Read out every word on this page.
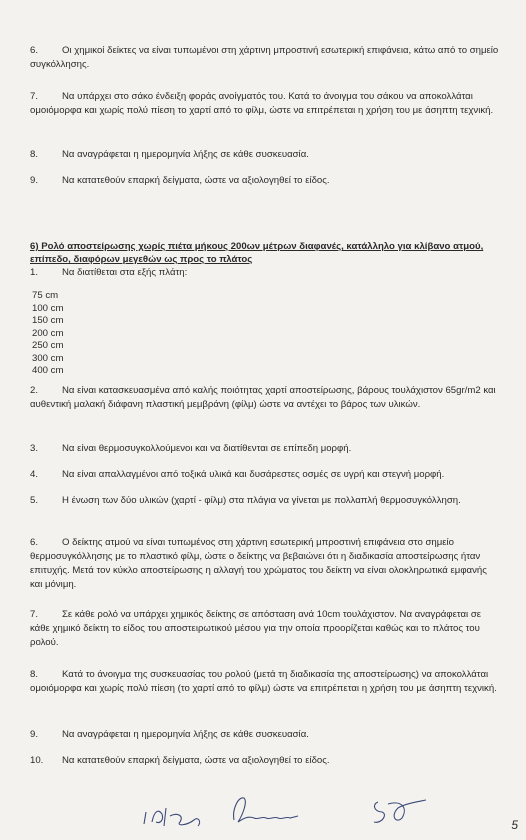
6. Οι χημικοί δείκτες να είναι τυπωμένοι στη χάρτινη μπροστινή εσωτερική επιφάνεια, κάτω από το σημείο συγκόλλησης.
7. Να υπάρχει στο σάκο ένδειξη φοράς ανοίγματός του. Κατά το άνοιγμα του σάκου να αποκολλάται ομοιόμορφα και χωρίς πολύ πίεση το χαρτί από το φίλμ, ώστε να επιτρέπεται η χρήση του με άσηπτη τεχνική.
8. Να αναγράφεται η ημερομηνία λήξης σε κάθε συσκευασία.
9. Να κατατεθούν επαρκή δείγματα, ώστε να αξιολογηθεί το είδος.
6) Ρολό αποστείρωσης χωρίς πιέτα μήκους 200ων μέτρων διαφανές, κατάλληλο για κλίβανο ατμού, επίπεδο, διαφόρων μεγεθών ως προς το πλάτος
1. Να διατίθεται στα εξής πλάτη:
75 cm
100 cm
150 cm
200 cm
250 cm
300 cm
400 cm
2. Να είναι κατασκευασμένα από καλής ποιότητας χαρτί αποστείρωσης, βάρους τουλάχιστον 65gr/m2 και αυθεντική μαλακή διάφανη πλαστική μεμβράνη (φίλμ) ώστε να αντέχει το βάρος των υλικών.
3. Να είναι θερμοσυγκολλούμενοι και να διατίθενται σε επίπεδη μορφή.
4. Να είναι απαλλαγμένοι από τοξικά υλικά και δυσάρεστες οσμές σε υγρή και στεγνή μορφή.
5. Η ένωση των δύο υλικών (χαρτί - φίλμ) στα πλάγια να γίνεται με πολλαπλή θερμοσυγκόλληση.
6. Ο δείκτης ατμού να είναι τυπωμένος στη χάρτινη εσωτερική μπροστινή επιφάνεια στο σημείο θερμοσυγκόλλησης με το πλαστικό φίλμ, ώστε ο δείκτης να βεβαιώνει ότι η διαδικασία αποστείρωσης ήταν επιτυχής. Μετά τον κύκλο αποστείρωσης η αλλαγή του χρώματος του δείκτη να είναι ολοκληρωτικά εμφανής και μόνιμη.
7. Σε κάθε ρολό να υπάρχει χημικός δείκτης σε απόσταση ανά 10cm τουλάχιστον. Να αναγράφεται σε κάθε χημικό δείκτη το είδος του αποστειρωτικού μέσου για την οποία προορίζεται καθώς και το πλάτος του ρολού.
8. Κατά το άνοιγμα της συσκευασίας του ρολού (μετά τη διαδικασία της αποστείρωσης) να αποκολλάται ομοιόμορφα και χωρίς πολύ πίεση (το χαρτί από το φίλμ) ώστε να επιτρέπεται η χρήση του με άσηπτη τεχνική.
9. Να αναγράφεται η ημερομηνία λήξης σε κάθε συσκευασία.
10. Να κατατεθούν επαρκή δείγματα, ώστε να αξιολογηθεί το είδος.
5
